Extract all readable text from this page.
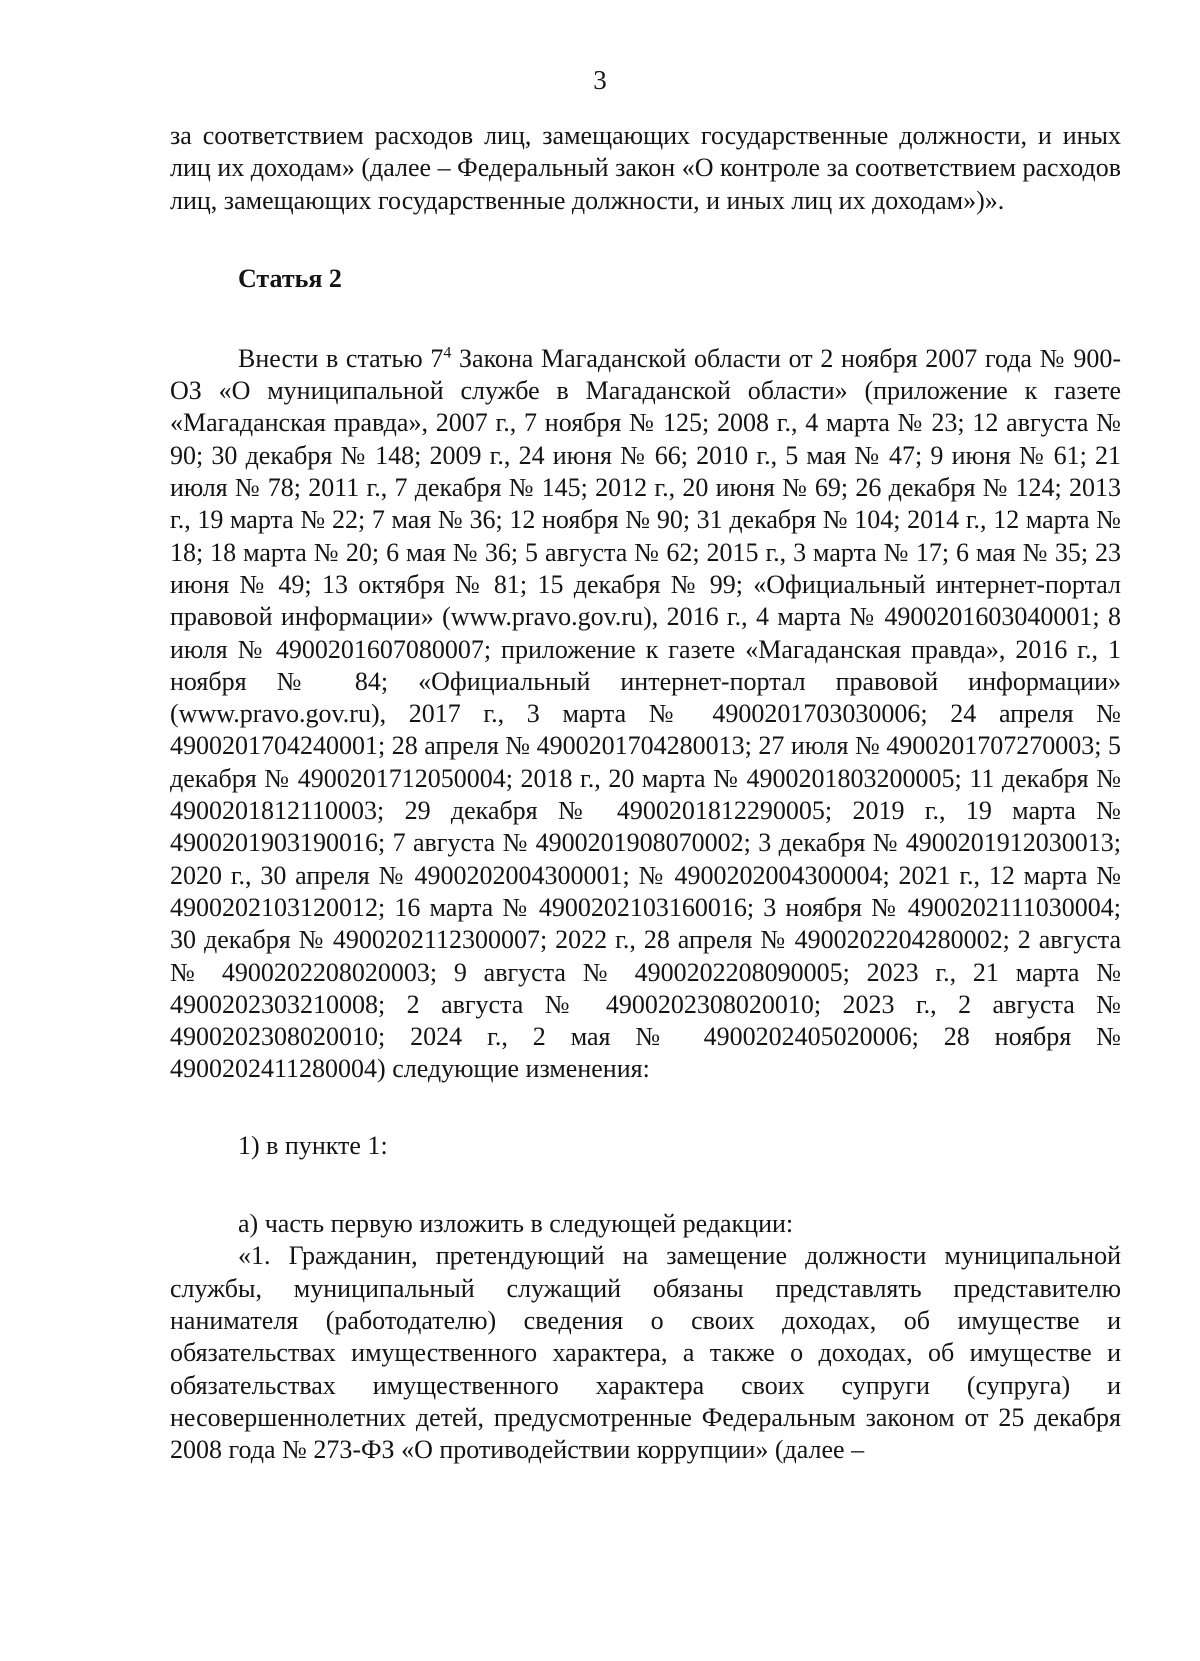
3

за соответствием расходов лиц, замещающих государственные должности, и иных лиц их доходам» (далее – Федеральный закон «О контроле за соответствием расходов лиц, замещающих государственные должности, и иных лиц их доходам»)».

Статья 2

Внести в статью $7^4$ Закона Магаданской области от 2 ноября 2007 года № 900-ОЗ «О муниципальной службе в Магаданской области» (приложение к газете «Магаданская правда», 2007 г., 7 ноября № 125; 2008 г., 4 марта № 23; 12 августа № 90; 30 декабря № 148; 2009 г., 24 июня № 66; 2010 г., 5 мая № 47; 9 июня № 61; 21 июля № 78; 2011 г., 7 декабря № 145; 2012 г., 20 июня № 69; 26 декабря № 124; 2013 г., 19 марта № 22; 7 мая № 36; 12 ноября № 90; 31 декабря № 104; 2014 г., 12 марта № 18; 18 марта № 20; 6 мая № 36; 5 августа № 62; 2015 г., 3 марта № 17; 6 мая № 35; 23 июня № 49; 13 октября № 81; 15 декабря № 99; «Официальный интернет-портал правовой информации» (www.pravo.gov.ru), 2016 г., 4 марта № 4900201603040001; 8 июля № 4900201607080007; приложение к газете «Магаданская правда», 2016 г., 1 ноября № 84; «Официальный интернет-портал правовой информации» (www.pravo.gov.ru), 2017 г., 3 марта № 4900201703030006; 24 апреля № 4900201704240001; 28 апреля № 4900201704280013; 27 июля № 4900201707270003; 5 декабря № 4900201712050004; 2018 г., 20 марта № 4900201803200005; 11 декабря № 4900201812110003; 29 декабря № 4900201812290005; 2019 г., 19 марта № 4900201903190016; 7 августа № 4900201908070002; 3 декабря № 4900201912030013; 2020 г., 30 апреля № 4900202004300001; № 4900202004300004; 2021 г., 12 марта № 4900202103120012; 16 марта № 4900202103160016; 3 ноября № 4900202111030004; 30 декабря № 4900202112300007; 2022 г., 28 апреля № 4900202204280002; 2 августа № 4900202208020003; 9 августа № 4900202208090005; 2023 г., 21 марта № 4900202303210008; 2 августа № 4900202308020010; 2023 г., 2 августа № 4900202308020010; 2024 г., 2 мая № 4900202405020006; 28 ноября № 4900202411280004) следующие изменения:

1) в пункте 1:

а) часть первую изложить в следующей редакции:

«1. Гражданин, претендующий на замещение должности муниципальной службы, муниципальный служащий обязаны представлять представителю нанимателя (работодателю) сведения о своих доходах, об имуществе и обязательствах имущественного характера, а также о доходах, об имуществе и обязательствах имущественного характера своих супруги (супруга) и несовершеннолетних детей, предусмотренные Федеральным законом от 25 декабря 2008 года № 273-ФЗ «О противодействии коррупции» (далее –
